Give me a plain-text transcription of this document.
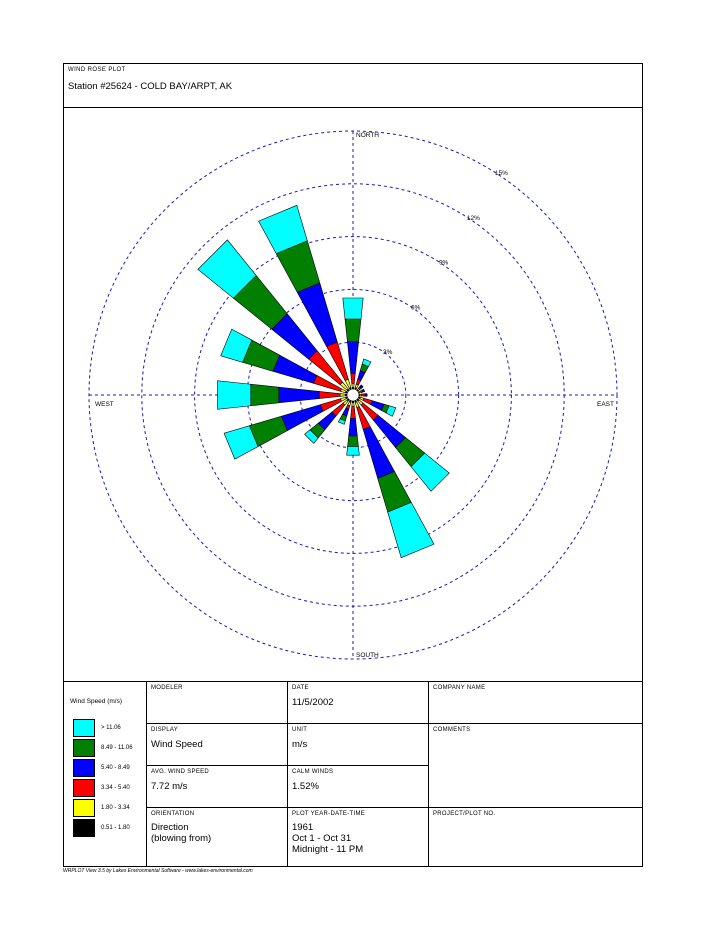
WIND ROSE PLOT
Station #25624 - COLD BAY/ARPT, AK
3%
6%
9%
12%
15%
NORTH
SOUTH
EAST
WEST
Wind Speed (m/s)
> 11.06
8.49 - 11.06
5.40 - 8.49
3.34 - 5.40
1.80 - 3.34
0.51 - 1.80
MODELER	DATE
11/5/2002
COMPANY NAME
DISPLAY
Wind Speed
UNIT
m/s
COMMENTS
AVG. WIND SPEED
7.72 m/s
CALM WINDS
1.52%
ORIENTATION
Direction
(blowing from)
PLOT YEAR-DATE-TIME
1961
Oct 1 - Oct 31
Midnight - 11 PM
PROJECT/PLOT NO.
WRPLOT View 3.5 by Lakes Environmental Software - www.lakes-environmental.com
